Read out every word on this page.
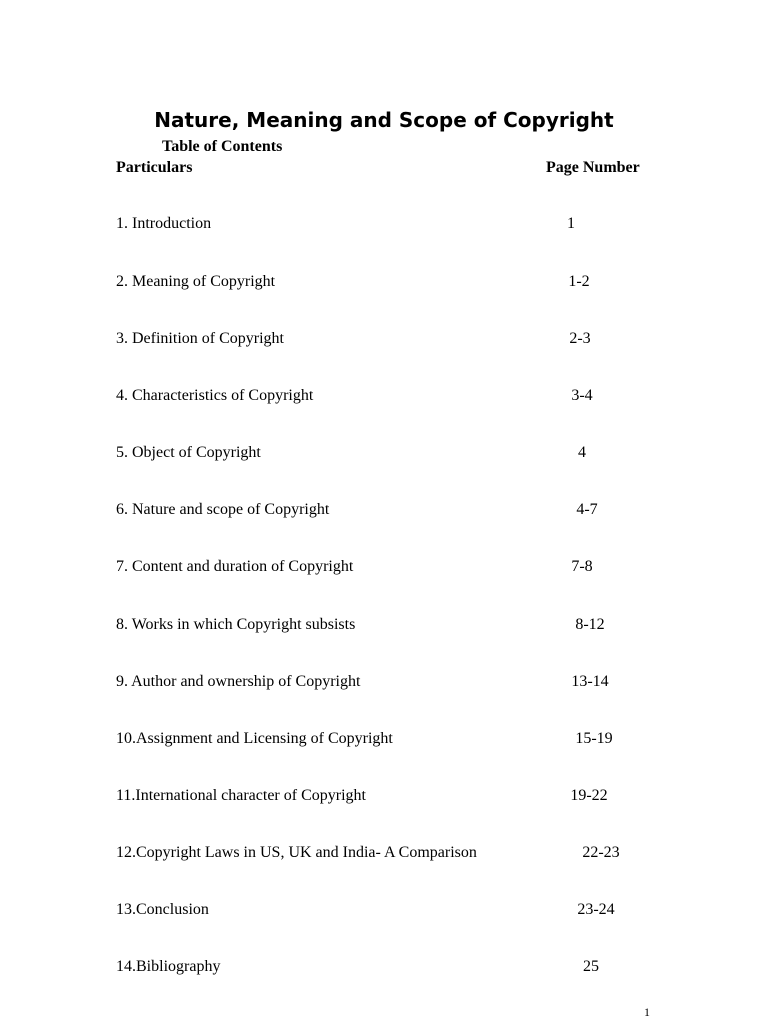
Nature, Meaning and Scope of Copyright
Table of Contents
Particulars	Page Number
1. Introduction	1
2. Meaning of Copyright	1-2
3. Definition of Copyright	2-3
4. Characteristics of Copyright	3-4
5. Object of Copyright	4
6. Nature and scope of Copyright	4-7
7. Content and duration of Copyright	7-8
8. Works in which Copyright subsists	8-12
9. Author and ownership of Copyright	13-14
10.Assignment and Licensing of Copyright	15-19
11.International character of Copyright	19-22
12.Copyright Laws in US, UK and India- A Comparison	22-23
13.Conclusion	23-24
14.Bibliography	25
1
